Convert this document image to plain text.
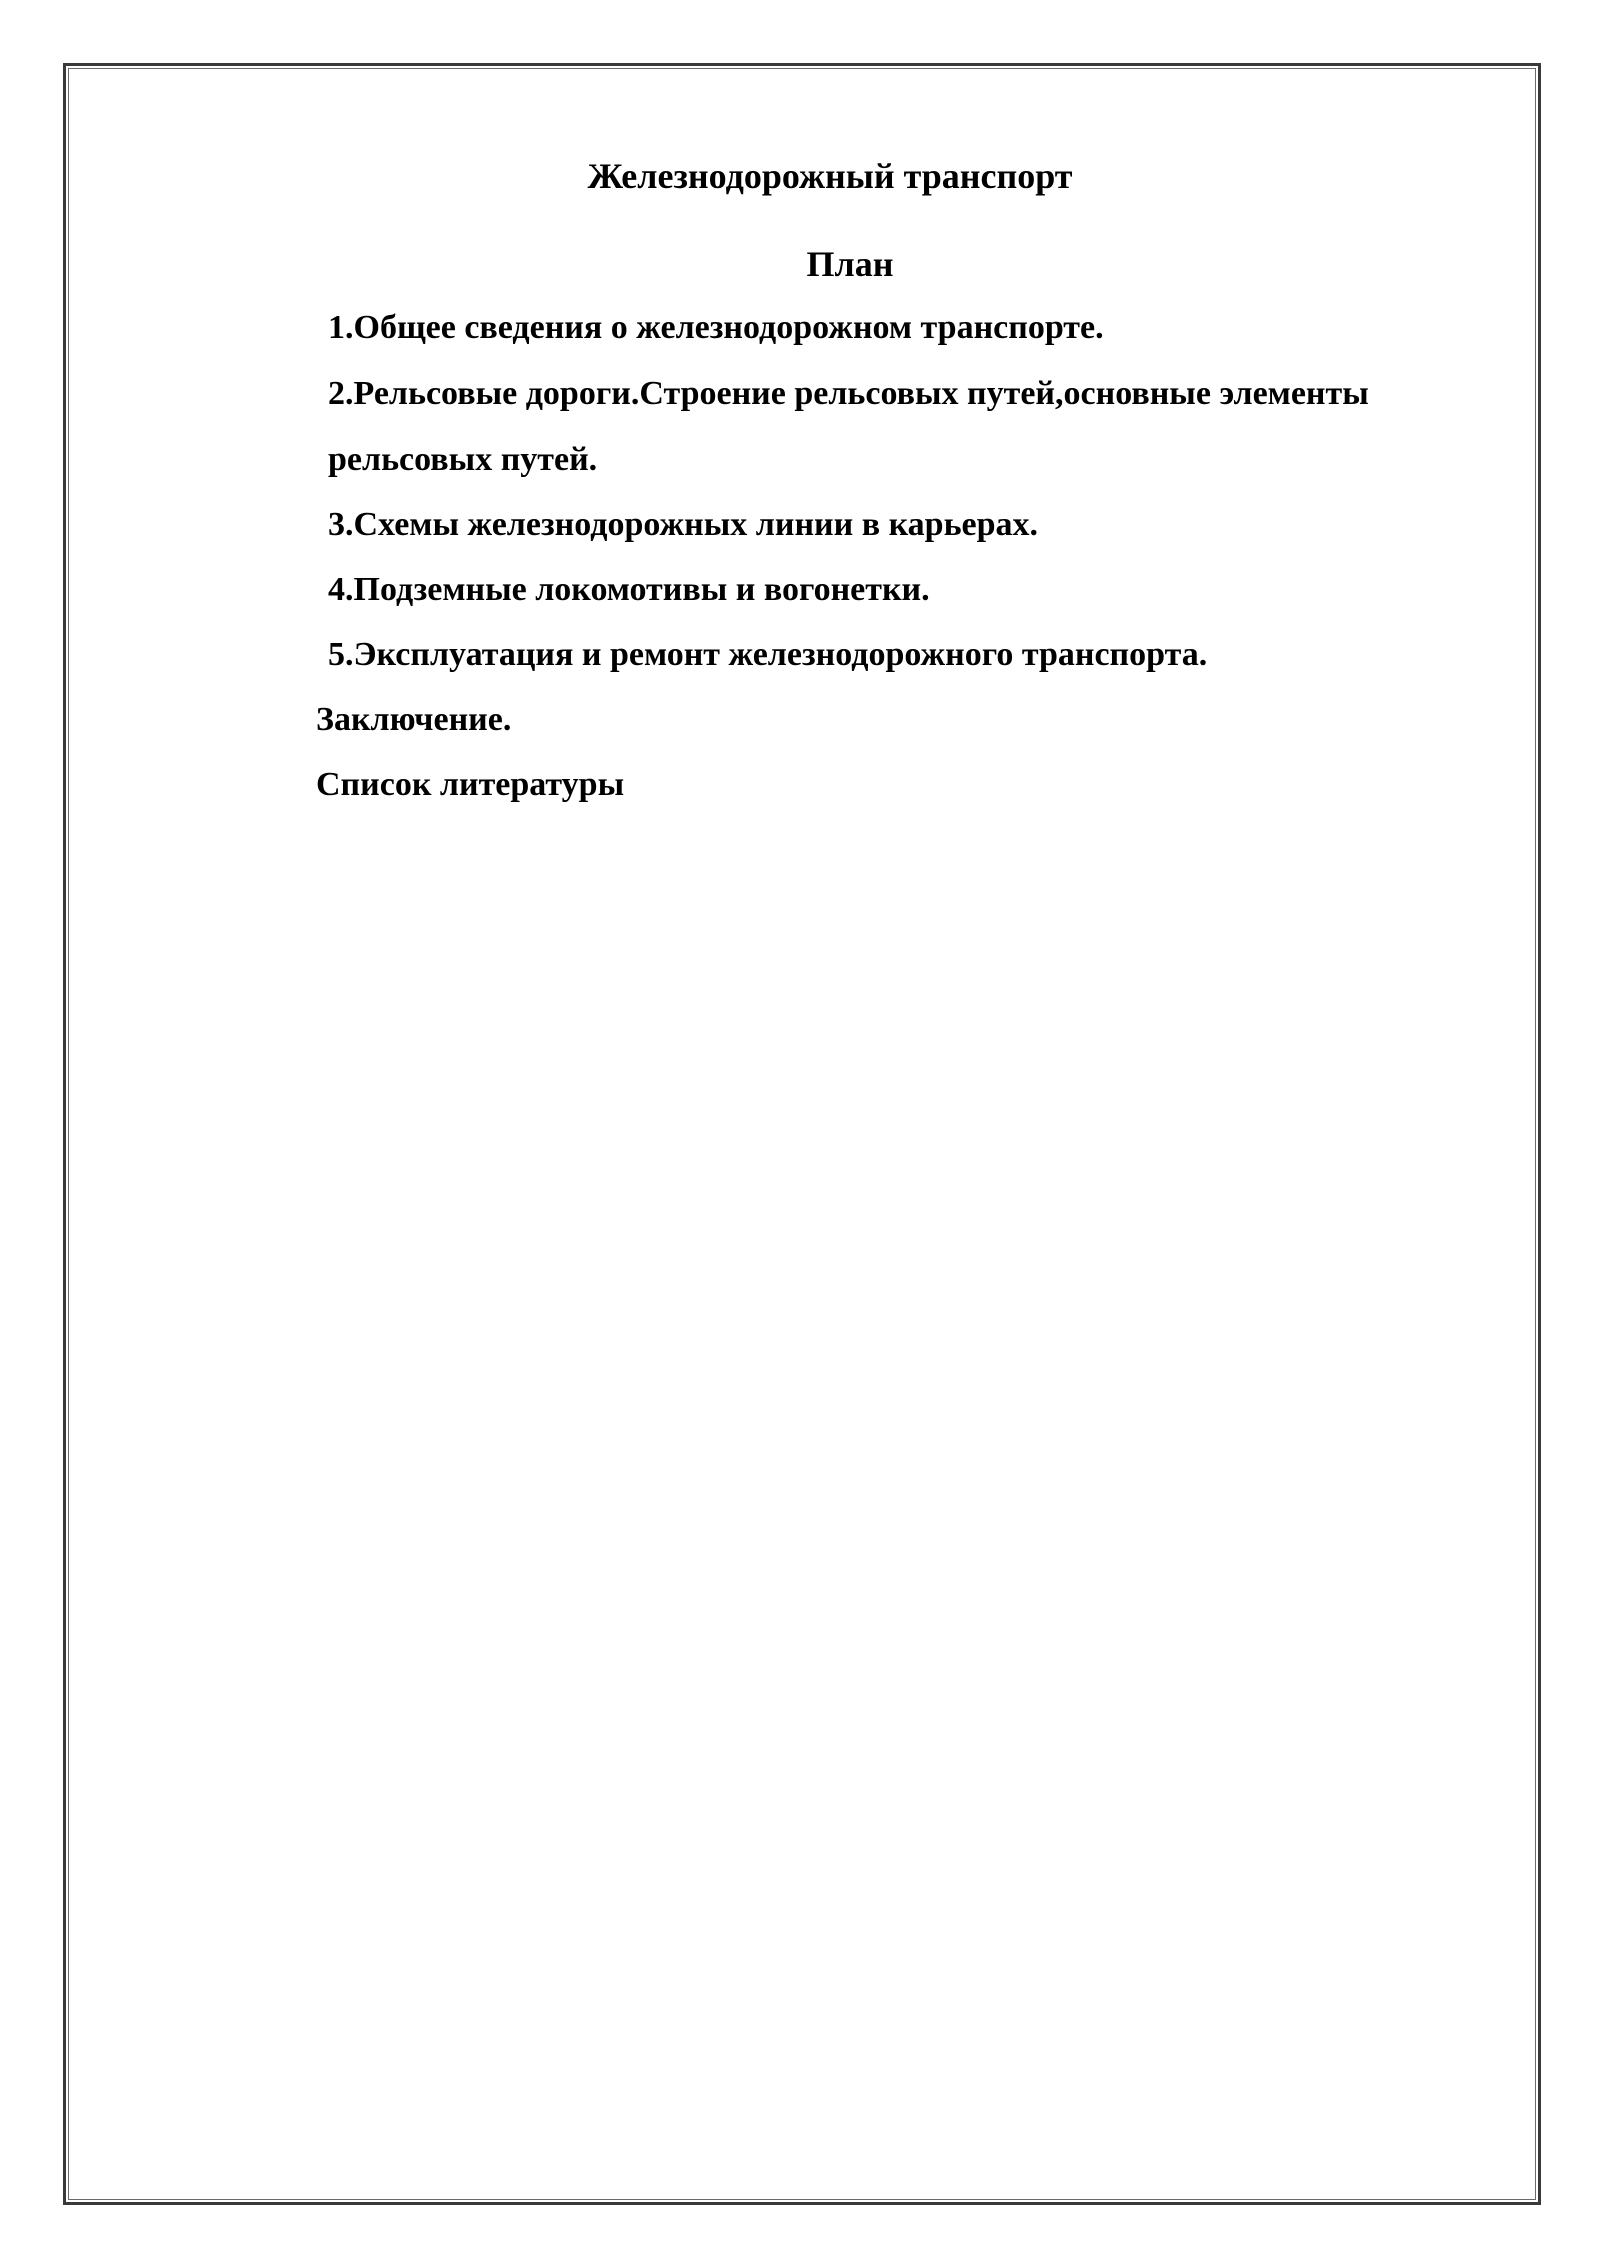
Железнодорожный транспорт
План
1.Общее сведения о железнодорожном транспорте.
2.Рельсовые дороги.Строение рельсовых путей,основные элементы
рельсовых путей.
3.Схемы железнодорожных линии в карьерах.
4.Подземные локомотивы и вогонетки.
5.Эксплуатация и ремонт железнодорожного транспорта.
Заключение.
Список литературы
